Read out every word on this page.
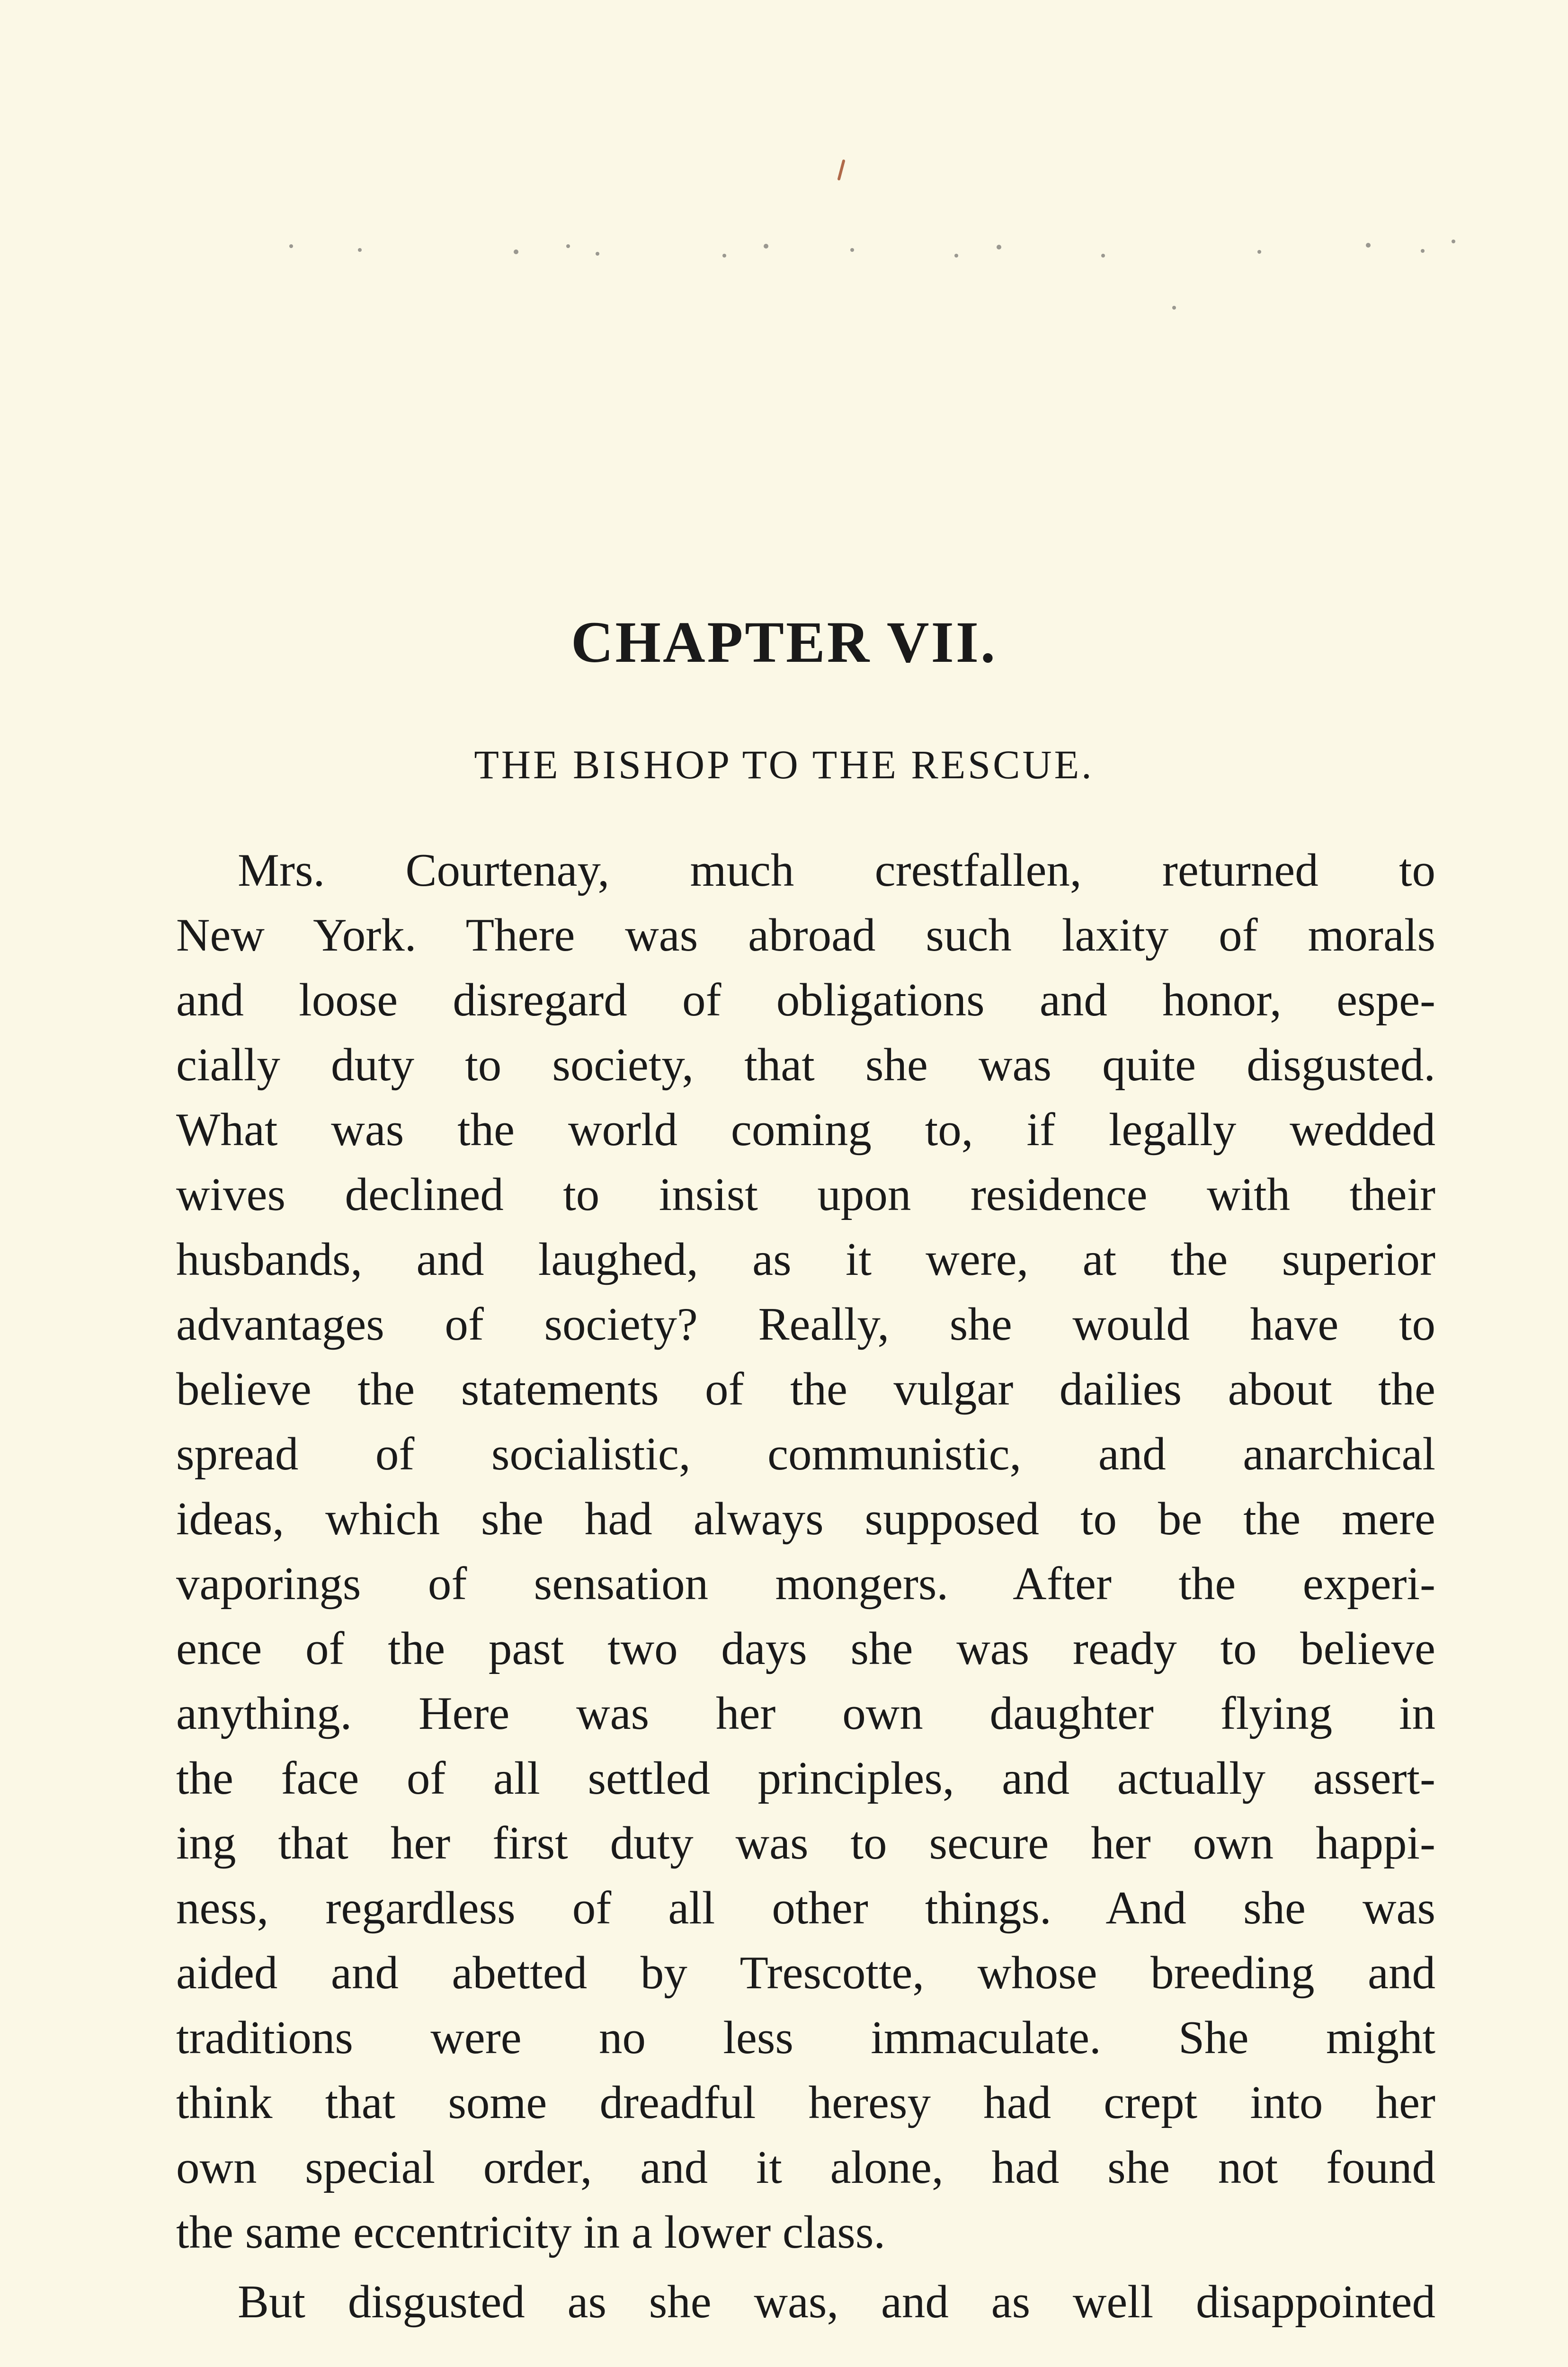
CHAPTER VII.
THE BISHOP TO THE RESCUE.

Mrs. Courtenay, much crestfallen, returned to
New York. There was abroad such laxity of morals
and loose disregard of obligations and honor, espe-
cially duty to society, that she was quite disgusted.
What was the world coming to, if legally wedded
wives declined to insist upon residence with their
husbands, and laughed, as it were, at the superior
advantages of society? Really, she would have to
believe the statements of the vulgar dailies about the
spread of socialistic, communistic, and anarchical
ideas, which she had always supposed to be the mere
vaporings of sensation mongers. After the experi-
ence of the past two days she was ready to believe
anything. Here was her own daughter flying in
the face of all settled principles, and actually assert-
ing that her first duty was to secure her own happi-
ness, regardless of all other things. And she was
aided and abetted by Trescotte, whose breeding and
traditions were no less immaculate. She might
think that some dreadful heresy had crept into her
own special order, and it alone, had she not found
the same eccentricity in a lower class.

But disgusted as she was, and as well disappointed
